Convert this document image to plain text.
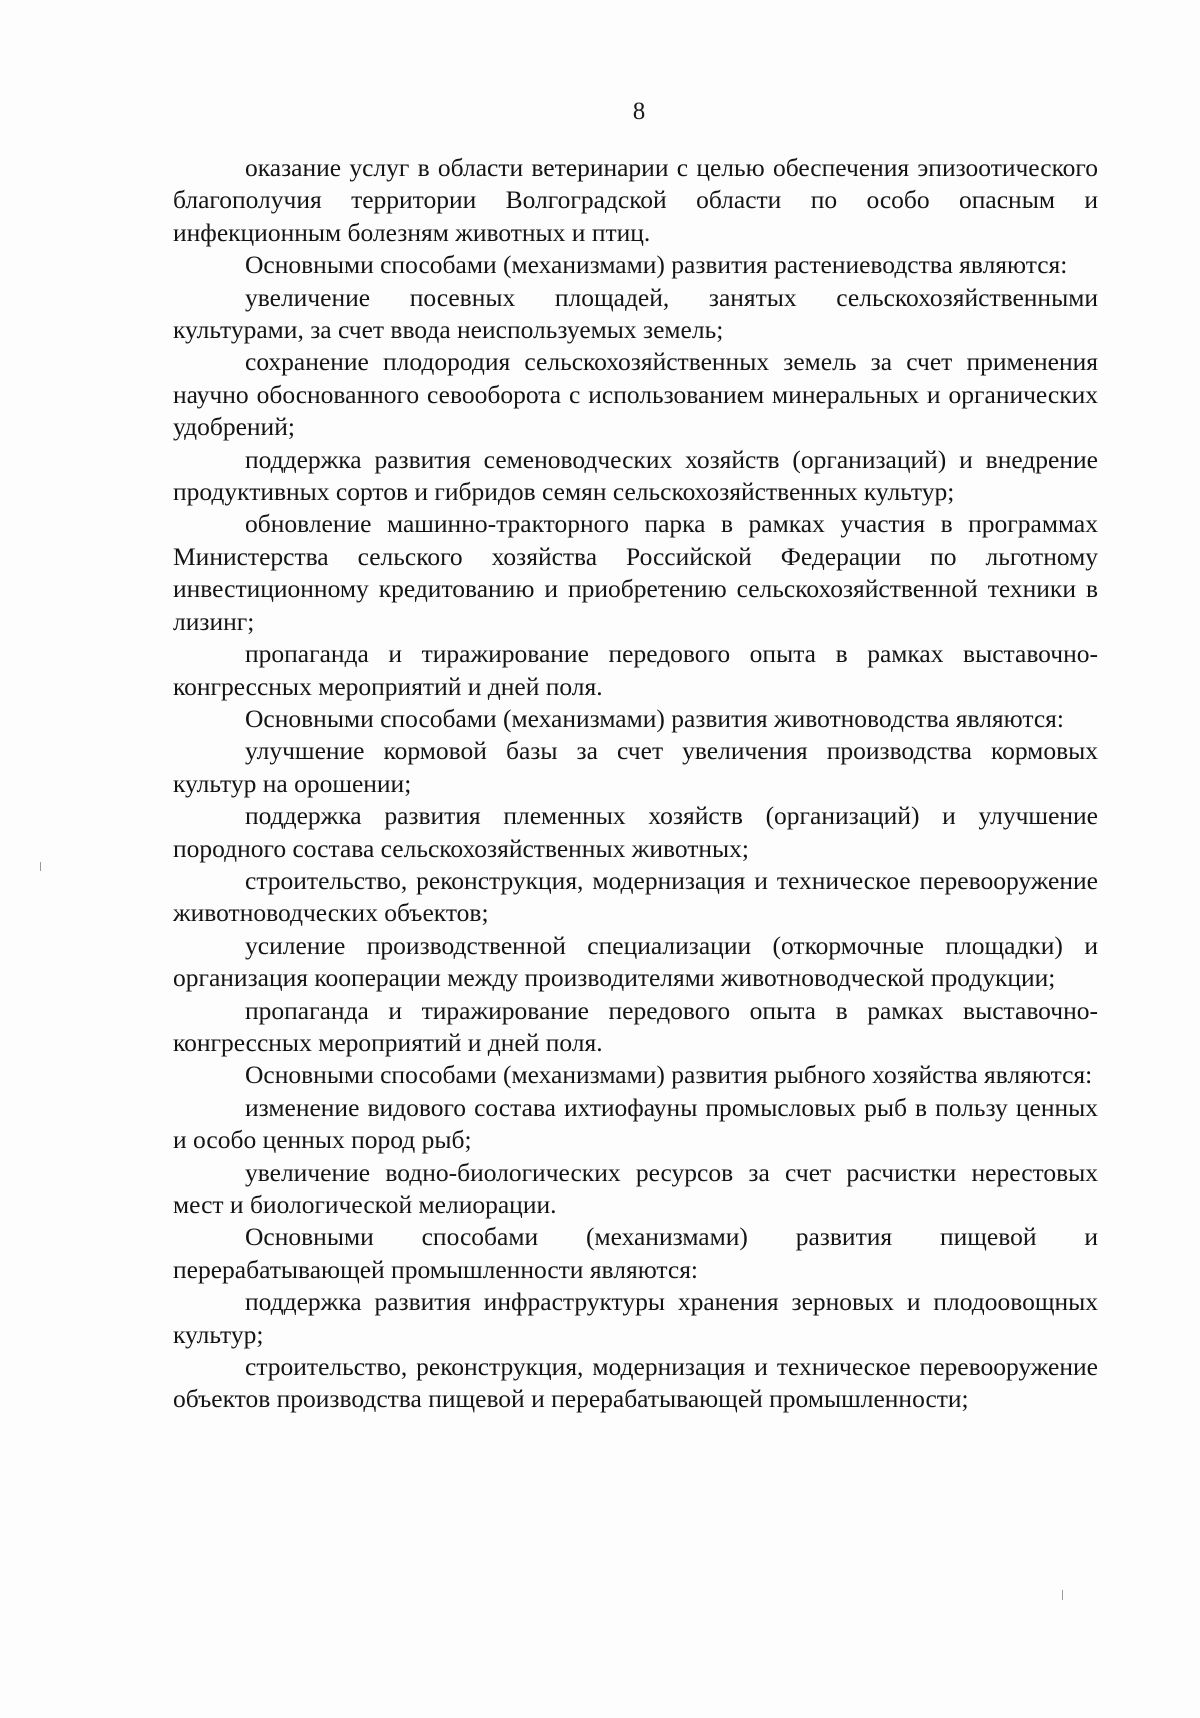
8

оказание услуг в области ветеринарии с целью обеспечения эпизоотического благополучия территории Волгоградской области по особо опасным и инфекционным болезням животных и птиц.

Основными способами (механизмами) развития растениеводства являются:

увеличение посевных площадей, занятых сельскохозяйственными культурами, за счет ввода неиспользуемых земель;

сохранение плодородия сельскохозяйственных земель за счет применения научно обоснованного севооборота с использованием минеральных и органических удобрений;

поддержка развития семеноводческих хозяйств (организаций) и внедрение продуктивных сортов и гибридов семян сельскохозяйственных культур;

обновление машинно-тракторного парка в рамках участия в программах Министерства сельского хозяйства Российской Федерации по льготному инвестиционному кредитованию и приобретению сельскохозяйственной техники в лизинг;

пропаганда и тиражирование передового опыта в рамках выставочно-конгрессных мероприятий и дней поля.

Основными способами (механизмами) развития животноводства являются:

улучшение кормовой базы за счет увеличения производства кормовых культур на орошении;

поддержка развития племенных хозяйств (организаций) и улучшение породного состава сельскохозяйственных животных;

строительство, реконструкция, модернизация и техническое перевооружение животноводческих объектов;

усиление производственной специализации (откормочные площадки) и организация кооперации между производителями животноводческой продукции;

пропаганда и тиражирование передового опыта в рамках выставочно-конгрессных мероприятий и дней поля.

Основными способами (механизмами) развития рыбного хозяйства являются:

изменение видового состава ихтиофауны промысловых рыб в пользу ценных и особо ценных пород рыб;

увеличение водно-биологических ресурсов за счет расчистки нерестовых мест и биологической мелиорации.

Основными способами (механизмами) развития пищевой и перерабатывающей промышленности являются:

поддержка развития инфраструктуры хранения зерновых и плодоовощных культур;

строительство, реконструкция, модернизация и техническое перевооружение объектов производства пищевой и перерабатывающей промышленности;
